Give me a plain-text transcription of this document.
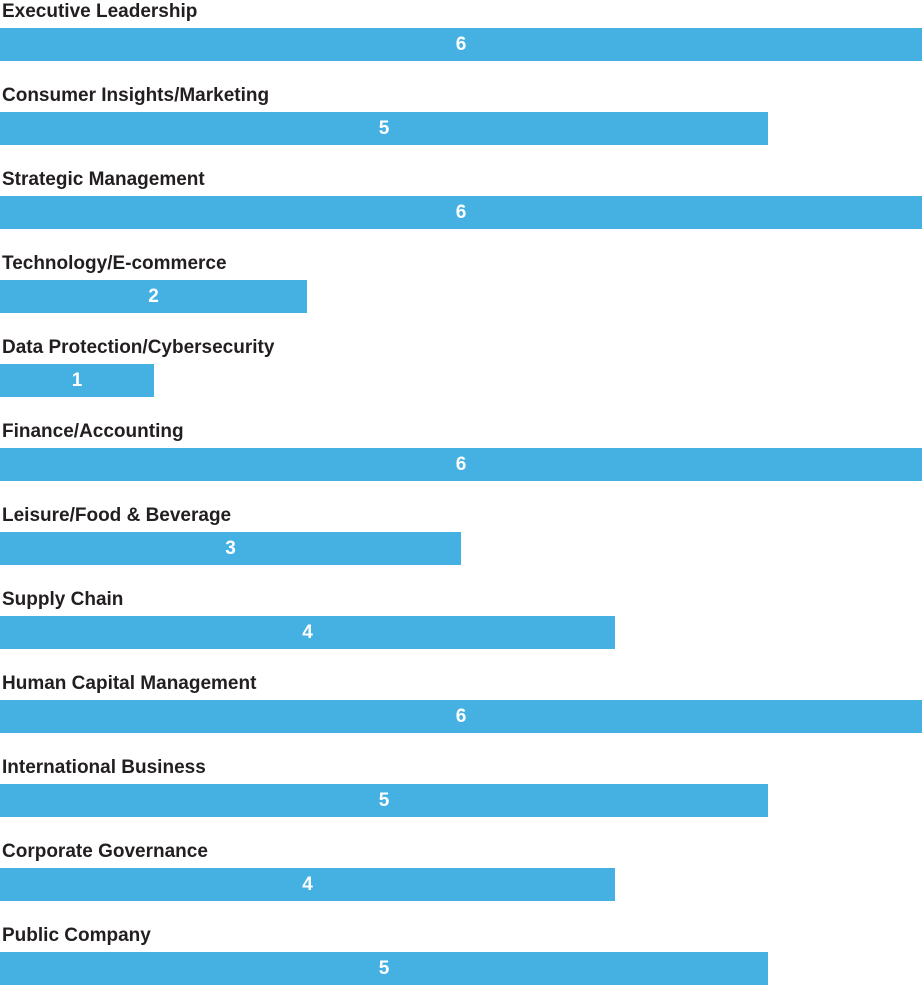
Executive Leadership
6
Consumer Insights/Marketing
5
Strategic Management
6
Technology/E-commerce
2
Data Protection/Cybersecurity
1
Finance/Accounting
6
Leisure/Food & Beverage
3
Supply Chain
4
Human Capital Management
6
International Business
5
Corporate Governance
4
Public Company
5
